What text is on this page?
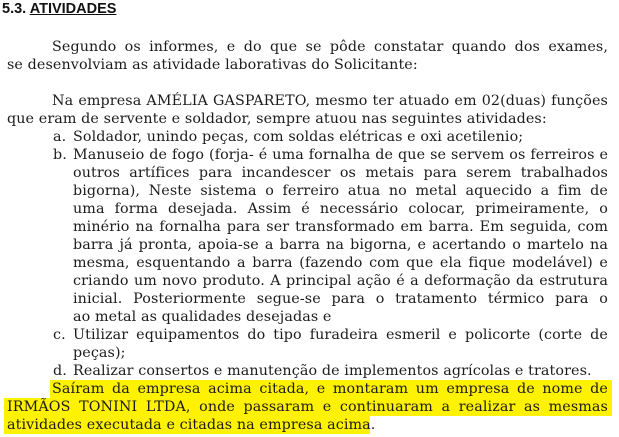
5.3. ATIVIDADES
Segundo os informes, e do que se pôde constatar quando dos exames,
se desenvolviam as atividade laborativas do Solicitante:
Na empresa AMÉLIA GASPARETO, mesmo ter atuado em 02(duas) funções
que eram de servente e soldador, sempre atuou nas seguintes atividades:
a. Soldador, unindo peças, com soldas elétricas e oxi acetilenio;
b. Manuseio de fogo (forja- é uma fornalha de que se servem os ferreiros e
outros artífices para incandescer os metais para serem trabalhados
bigorna), Neste sistema o ferreiro atua no metal aquecido a fim de
uma forma desejada. Assim é necessário colocar, primeiramente, o
minério na fornalha para ser transformado em barra. Em seguida, com
barra já pronta, apoia-se a barra na bigorna, e acertando o martelo na
mesma, esquentando a barra (fazendo com que ela fique modelável) e
criando um novo produto. A principal ação é a deformação da estrutura
inicial. Posteriormente segue-se para o tratamento térmico para o
ao metal as qualidades desejadas e
c. Utilizar equipamentos do tipo furadeira esmeril e policorte (corte de
peças);
d. Realizar consertos e manutenção de implementos agrícolas e tratores.
Saíram da empresa acima citada, e montaram um empresa de nome de
IRMÃOS TONINI LTDA, onde passaram e continuaram a realizar as mesmas
atividades executada e citadas na empresa acima.
